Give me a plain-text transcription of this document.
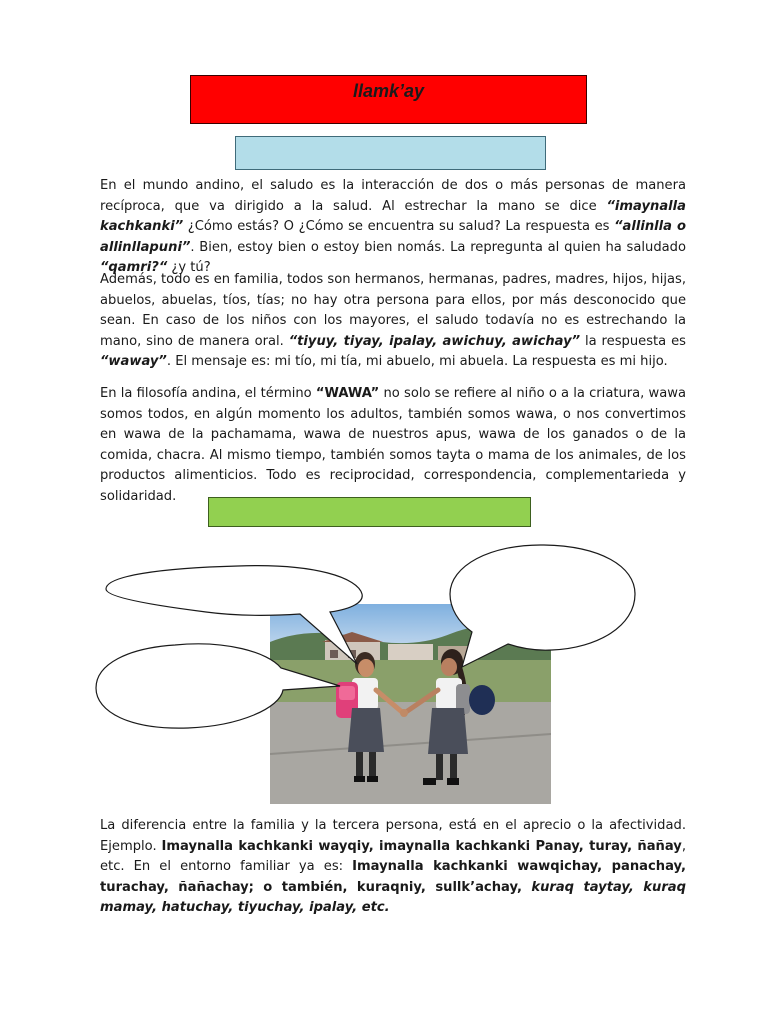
llamk’ay

En el mundo andino, el saludo es la interacción de dos o más personas de manera recíproca, que va dirigido a la salud. Al estrechar la mano se dice “imaynalla kachkanki” ¿Cómo estás? O ¿Cómo se encuentra su salud? La respuesta es “allinlla o allinllapuni”. Bien, estoy bien o estoy bien nomás. La repregunta al quien ha saludado “qamri?“ ¿y tú?

Además, todo es en familia, todos son hermanos, hermanas, padres, madres, hijos, hijas, abuelos, abuelas, tíos, tías; no hay otra persona para ellos, por más desconocido que sean. En caso de los niños con los mayores, el saludo todavía no es estrechando la mano, sino de manera oral. “tiyuy, tiyay, ipalay, awichuy, awichay” la respuesta es “waway”. El mensaje es: mi tío, mi tía, mi abuelo, mi abuela. La respuesta es mi hijo.

En la filosofía andina, el término “WAWA” no solo se refiere al niño o a la criatura, wawa somos todos, en algún momento los adultos, también somos wawa, o nos convertimos en wawa de la pachamama, wawa de nuestros apus, wawa de los ganados o de la comida, chacra. Al mismo tiempo, también somos tayta o mama de los animales, de los productos alimenticios. Todo es reciprocidad, correspondencia, complementarieda y solidaridad.

La diferencia entre la familia y la tercera persona, está en el aprecio o la afectividad. Ejemplo. Imaynalla kachkanki wayqiy, imaynalla kachkanki Panay, turay, ñañay, etc. En el entorno familiar ya es: Imaynalla kachkanki wawqichay, panachay, turachay, ñañachay; o también, kuraqniy, sullk’achay, kuraq taytay, kuraq mamay, hatuchay, tiyuchay, ipalay, etc.
